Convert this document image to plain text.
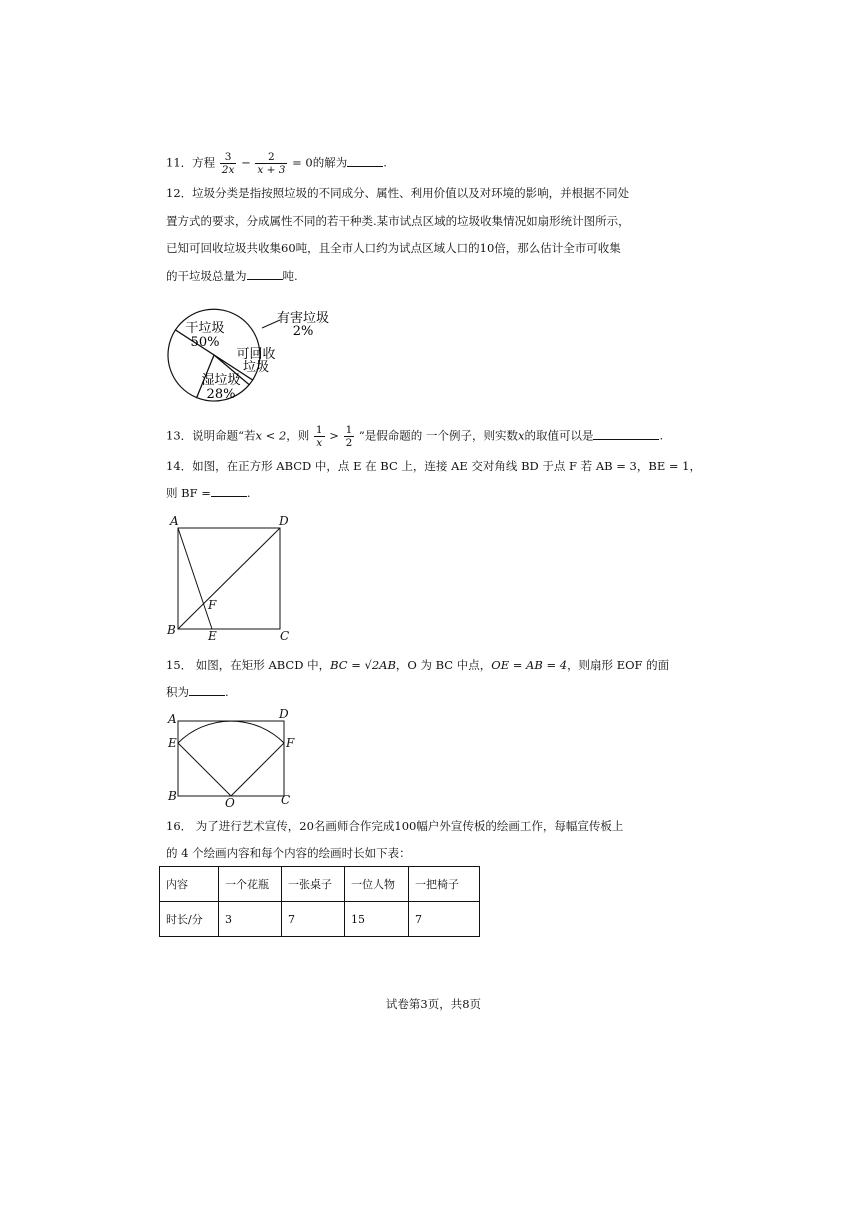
11．方程 $\frac{3}{2x} - \frac{2}{x + 3} = 0$的解为	.
12．垃圾分类是指按照垃圾的不同成分、属性、利用价值以及对环境的影响，并根据不同处
置方式的要求，分成属性不同的若干种类.某市试点区域的垃圾收集情况如扇形统计图所示，
已知可回收垃圾共收集60吨，且全市人口约为试点区域人口的10倍，那么估计全市可收集
的干垃圾总量为	吨.
干垃圾
50%
有害垃圾
2%
可回收
垃圾
湿垃圾
28%
13．说明命题“若x < 2，则 $\frac{1}{x} > \frac{1}{2}$ ”是假命题的 一个例子，则实数x的取值可以是	.
14．如图，在正方形 ABCD 中，点 E 在 BC 上，连接 AE 交对角线 BD 于点 F 若 AB = 3，BE = 1，
则 BF =	.
A	D
B	C
E
F
15． 如图，在矩形 ABCD 中，BC = √2AB，O 为 BC 中点，OE = AB = 4，则扇形 EOF 的面
积为	.
A	D
E	F
B	O	C
16． 为了进行艺术宣传，20名画师合作完成100幅户外宣传板的绘画工作，每幅宣传板上
的 4 个绘画内容和每个内容的绘画时长如下表：
内容	一个花瓶	一张桌子	一位人物	一把椅子
时长/分	3	7	15	7
试卷第3页，共8页
